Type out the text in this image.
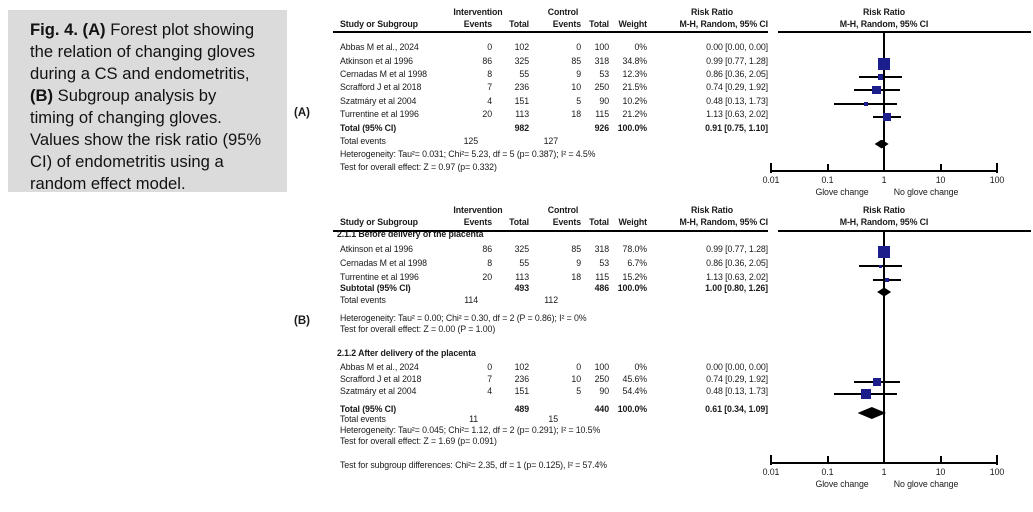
Fig. 4. (A) Forest plot showing
the relation of changing gloves
during a CS and endometritis,
(B) Subgroup analysis by
timing of changing gloves.
Values show the risk ratio (95%
CI) of endometritis using a
random effect model.
(A)
(B)
Intervention	Control	Risk Ratio
Study or Subgroup	Events Total	Events Total Weight	M-H, Random, 95% CI
Risk Ratio
M-H, Random, 95% CI
Abbas M et al., 2024	0	102	0 100	0%	0.00 [0.00, 0.00]
Atkinson et al 1996	86	325	85 318 34.8%	0.99 [0.77, 1.28]
Cernadas M et al 1998	8	55	9 53 12.3%	0.86 [0.36, 2.05]
Scrafford J et al 2018	7	236	10 250 21.5%	0.74 [0.29, 1.92]
Szatmáry et al 2004	4	151	5 90 10.2%	0.48 [0.13, 1.73]
Turrentine et al 1996	20	113	18 115 21.2%	1.13 [0.63, 2.02]
Total (95% CI)	982	926 100.0%	0.91 [0.75, 1.10]
Total events	125	127
Heterogeneity: Tau²= 0.031; Chi²= 5.23, df = 5 (p= 0.387); I² = 4.5%
Test for overall effect: Z = 0.97 (p= 0.332)
0.01	0.1	1	10	100
Glove change	No glove change
Intervention	Control	Risk Ratio
Study or Subgroup	Events Total	Events Total Weight	M-H, Random, 95% CI
Risk Ratio
M-H, Random, 95% CI
2.1.1 Before delivery of the placenta
Atkinson et al 1996	86	325	85 318 78.0%	0.99 [0.77, 1.28]
Cernadas M et al 1998	8	55	9 53 6.7%	0.86 [0.36, 2.05]
Turrentine et al 1996	20	113	18 115 15.2%	1.13 [0.63, 2.02]
Subtotal (95% CI)	493	486 100.0%	1.00 [0.80, 1.26]
Total events	114	112
Heterogeneity: Tau² = 0.00; Chi² = 0.30, df = 2 (P = 0.86); I² = 0%
Test for overall effect: Z = 0.00 (P = 1.00)
2.1.2 After delivery of the placenta
Abbas M et al., 2024	0	102	0 100	0%	0.00 [0.00, 0.00]
Scrafford J et al 2018	7	236	10 250 45.6%	0.74 [0.29, 1.92]
Szatmáry et al 2004	4	151	5 90 54.4%	0.48 [0.13, 1.73]
Total (95% CI)	489	440 100.0%	0.61 [0.34, 1.09]
Total events	11	15
Heterogeneity: Tau²= 0.045; Chi²= 1.12, df = 2 (p= 0.291); I² = 10.5%
Test for overall effect: Z = 1.69 (p= 0.091)
Test for subgroup differences: Chi²= 2.35, df = 1 (p= 0.125), I² = 57.4%
0.01	0.1	1	10	100
Glove change	No glove change
